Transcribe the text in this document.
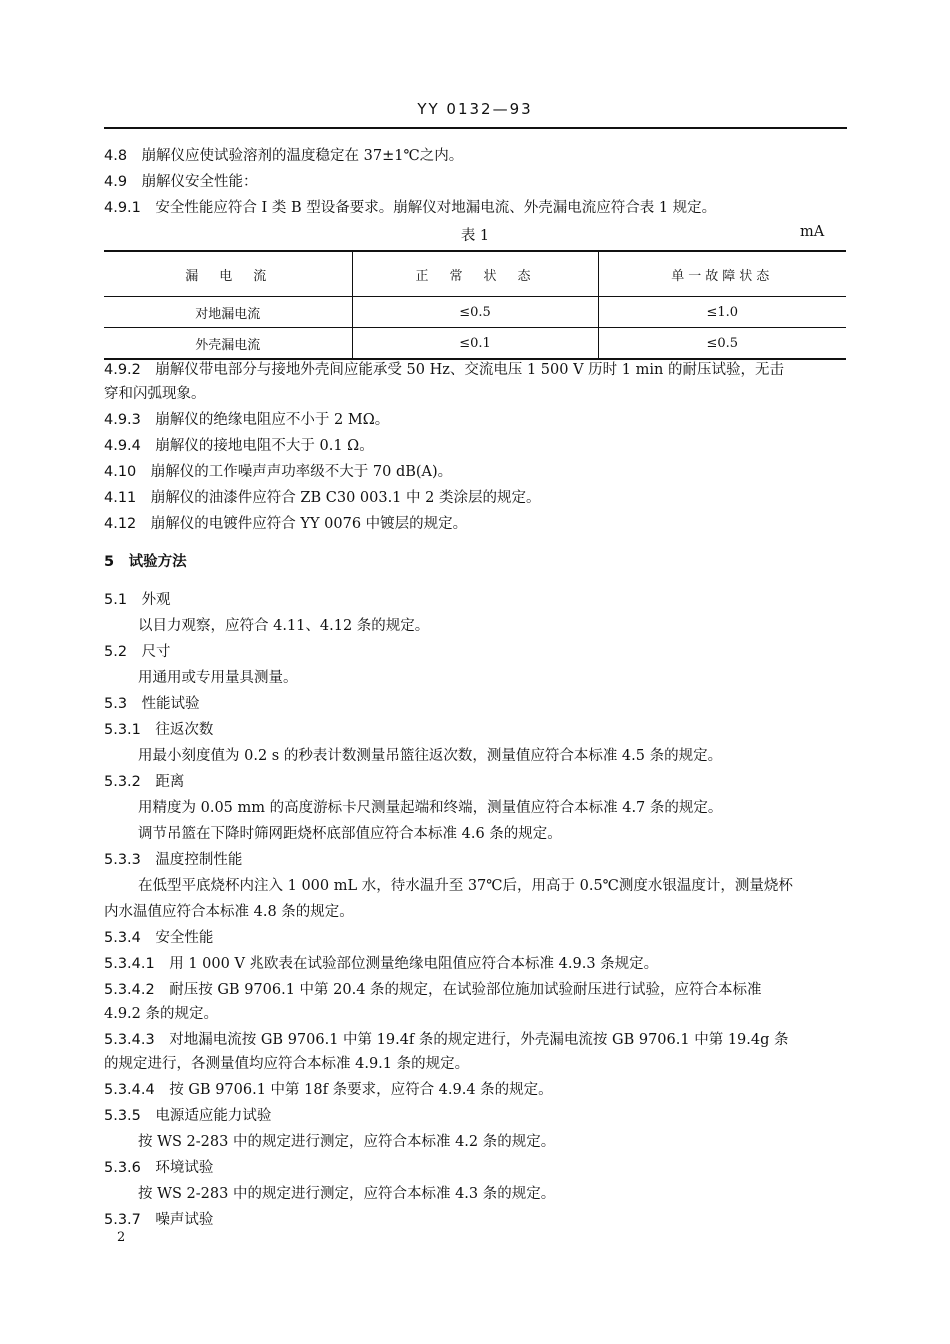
YY 0132—93
4.8　 崩解仪应使试验溶剂的温度稳定在 37±1℃之内。
4.9　 崩解仪安全性能：
4.9.1　 安全性能应符合 I 类 B 型设备要求。崩解仪对地漏电流、外壳漏电流应符合表 1 规定。
表 1	mA
漏　电　流	正　常　状　态	单一故障状态
对地漏电流	≤0.5	≤1.0
外壳漏电流	≤0.1	≤0.5
4.9.2　 崩解仪带电部分与接地外壳间应能承受 50 Hz、交流电压 1 500 V 历时 1 min 的耐压试验，无击
穿和闪弧现象。
4.9.3　 崩解仪的绝缘电阻应不小于 2 MΩ。
4.9.4　 崩解仪的接地电阻不大于 0.1 Ω。
4.10　 崩解仪的工作噪声声功率级不大于 70 dB(A)。
4.11　 崩解仪的油漆件应符合 ZB C30 003.1 中 2 类涂层的规定。
4.12　 崩解仪的电镀件应符合 YY 0076 中镀层的规定。
5　 试验方法
5.1　 外观
以目力观察，应符合 4.11、4.12 条的规定。
5.2　 尺寸
用通用或专用量具测量。
5.3　 性能试验
5.3.1　 往返次数
用最小刻度值为 0.2 s 的秒表计数测量吊篮往返次数，测量值应符合本标准 4.5 条的规定。
5.3.2　 距离
用精度为 0.05 mm 的高度游标卡尺测量起端和终端，测量值应符合本标准 4.7 条的规定。
调节吊篮在下降时筛网距烧杯底部值应符合本标准 4.6 条的规定。
5.3.3　 温度控制性能
在低型平底烧杯内注入 1 000 mL 水，待水温升至 37℃后，用高于 0.5℃测度水银温度计，测量烧杯
内水温值应符合本标准 4.8 条的规定。
5.3.4　 安全性能
5.3.4.1　 用 1 000 V 兆欧表在试验部位测量绝缘电阻值应符合本标准 4.9.3 条规定。
5.3.4.2　 耐压按 GB 9706.1 中第 20.4 条的规定，在试验部位施加试验耐压进行试验，应符合本标准
4.9.2 条的规定。
5.3.4.3　 对地漏电流按 GB 9706.1 中第 19.4f 条的规定进行，外壳漏电流按 GB 9706.1 中第 19.4g 条
的规定进行，各测量值均应符合本标准 4.9.1 条的规定。
5.3.4.4　 按 GB 9706.1 中第 18f 条要求，应符合 4.9.4 条的规定。
5.3.5　 电源适应能力试验
按 WS 2-283 中的规定进行测定，应符合本标准 4.2 条的规定。
5.3.6　 环境试验
按 WS 2-283 中的规定进行测定，应符合本标准 4.3 条的规定。
5.3.7　 噪声试验
2
